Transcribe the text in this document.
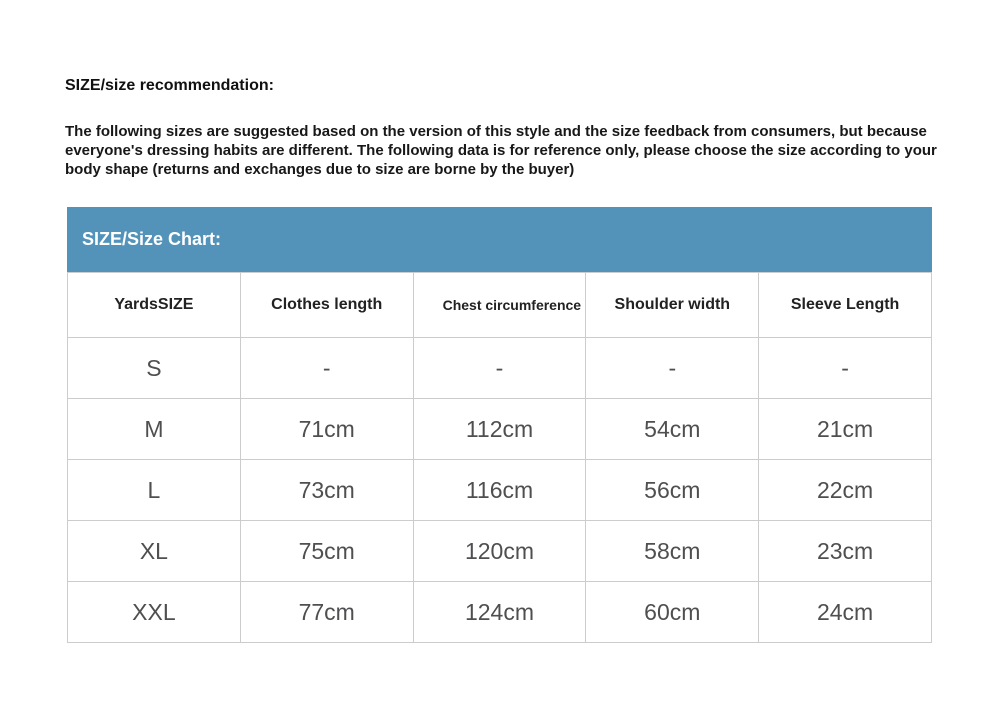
SIZE/size recommendation:
The following sizes are suggested based on the version of this style and the size feedback from consumers, but because everyone's dressing habits are different. The following data is for reference only, please choose the size according to your body shape (returns and exchanges due to size are borne by the buyer)
SIZE/Size Chart:
YardsSIZE	Clothes length	Chest circumference	Shoulder width	Sleeve Length
S	-	-	-	-
M	71cm	112cm	54cm	21cm
L	73cm	116cm	56cm	22cm
XL	75cm	120cm	58cm	23cm
XXL	77cm	124cm	60cm	24cm
